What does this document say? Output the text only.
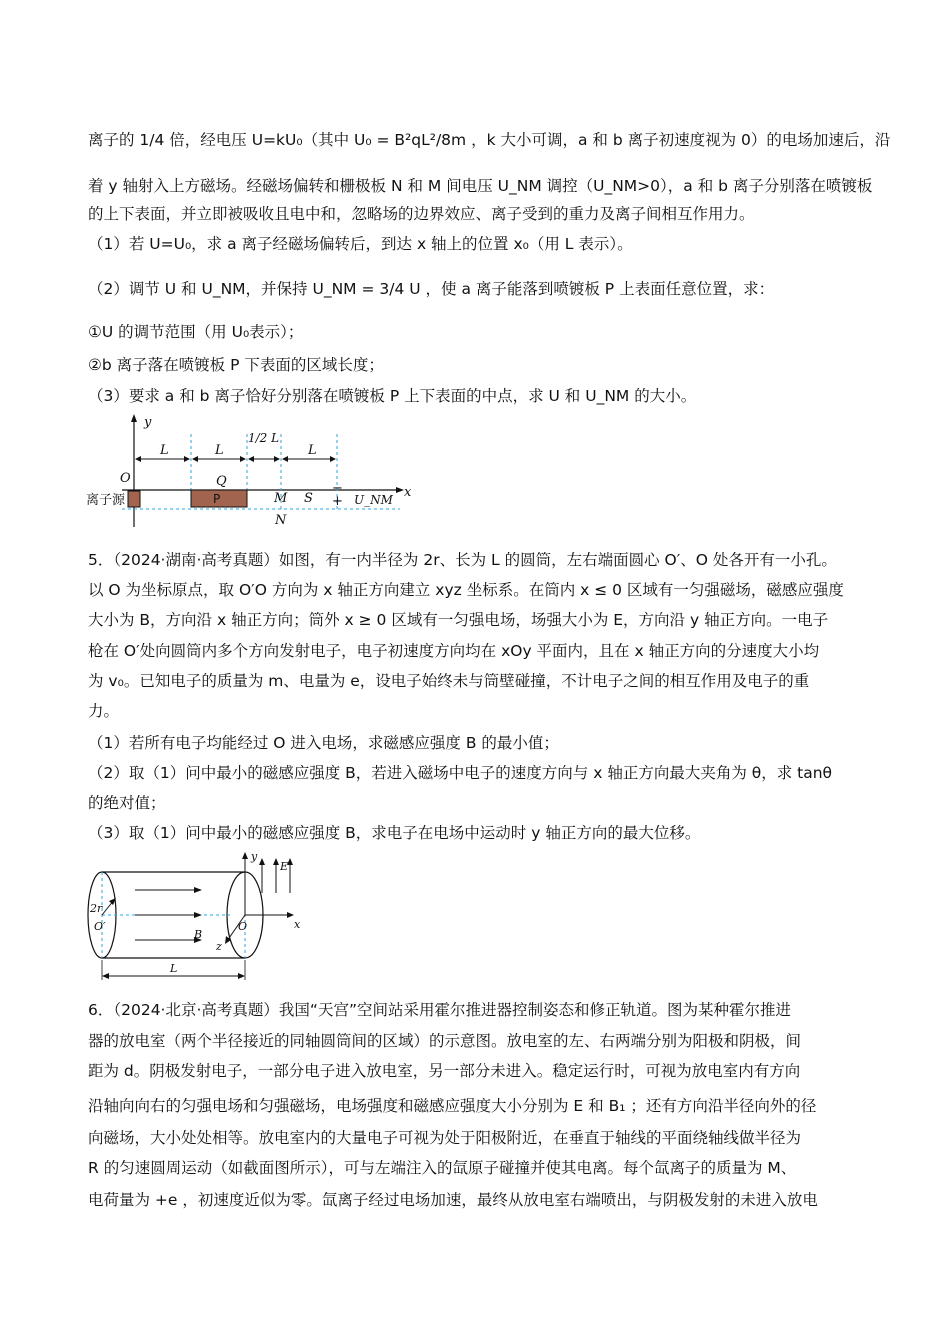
离子的 1/4 倍，经电压 U=kU₀（其中 U₀ = B²qL²/8m ，k 大小可调，a 和 b 离子初速度视为 0）的电场加速后，沿
着 y 轴射入上方磁场。经磁场偏转和栅极板 N 和 M 间电压 U_NM 调控（U_NM>0），a 和 b 离子分别落在喷镀板
的上下表面，并立即被吸收且电中和，忽略场的边界效应、离子受到的重力及离子间相互作用力。
（1）若 U=U₀，求 a 离子经磁场偏转后，到达 x 轴上的位置 x₀（用 L 表示）。
（2）调节 U 和 U_NM，并保持 U_NM = 3/4 U ，使 a 离子能落到喷镀板 P 上表面任意位置，求：
①U 的调节范围（用 U₀表示）；
②b 离子落在喷镀板 P 下表面的区域长度；
（3）要求 a 和 b 离子恰好分别落在喷镀板 P 上下表面的中点，求 U 和 U_NM 的大小。
y
x
O
L	L
1/2 L
L
P
Q
离子源	M
N
S
−
+ U_NM
5．（2024·湖南·高考真题）如图，有一内半径为 2r、长为 L 的圆筒，左右端面圆心 O′、O 处各开有一小孔。
以 O 为坐标原点，取 O′O 方向为 x 轴正方向建立 xyz 坐标系。在筒内 x ≤ 0 区域有一匀强磁场，磁感应强度
大小为 B，方向沿 x 轴正方向；筒外 x ≥ 0 区域有一匀强电场，场强大小为 E，方向沿 y 轴正方向。一电子
枪在 O′处向圆筒内多个方向发射电子，电子初速度方向均在 xOy 平面内，且在 x 轴正方向的分速度大小均
为 v₀。已知电子的质量为 m、电量为 e，设电子始终未与筒壁碰撞，不计电子之间的相互作用及电子的重
力。
（1）若所有电子均能经过 O 进入电场，求磁感应强度 B 的最小值；
（2）取（1）问中最小的磁感应强度 B，若进入磁场中电子的速度方向与 x 轴正方向最大夹角为 θ，求 tanθ
的绝对值；
（3）取（1）问中最小的磁感应强度 B，求电子在电场中运动时 y 轴正方向的最大位移。
B
2r
O′
y
x
z
O
E
L
6．（2024·北京·高考真题）我国“天宫”空间站采用霍尔推进器控制姿态和修正轨道。图为某种霍尔推进
器的放电室（两个半径接近的同轴圆筒间的区域）的示意图。放电室的左、右两端分别为阳极和阴极，间
距为 d。阴极发射电子，一部分电子进入放电室，另一部分未进入。稳定运行时，可视为放电室内有方向
沿轴向向右的匀强电场和匀强磁场，电场强度和磁感应强度大小分别为 E 和 B₁ ；还有方向沿半径向外的径
向磁场，大小处处相等。放电室内的大量电子可视为处于阳极附近，在垂直于轴线的平面绕轴线做半径为
R 的匀速圆周运动（如截面图所示），可与左端注入的氙原子碰撞并使其电离。每个氙离子的质量为 M、
电荷量为 +e ，初速度近似为零。氙离子经过电场加速，最终从放电室右端喷出，与阴极发射的未进入放电
